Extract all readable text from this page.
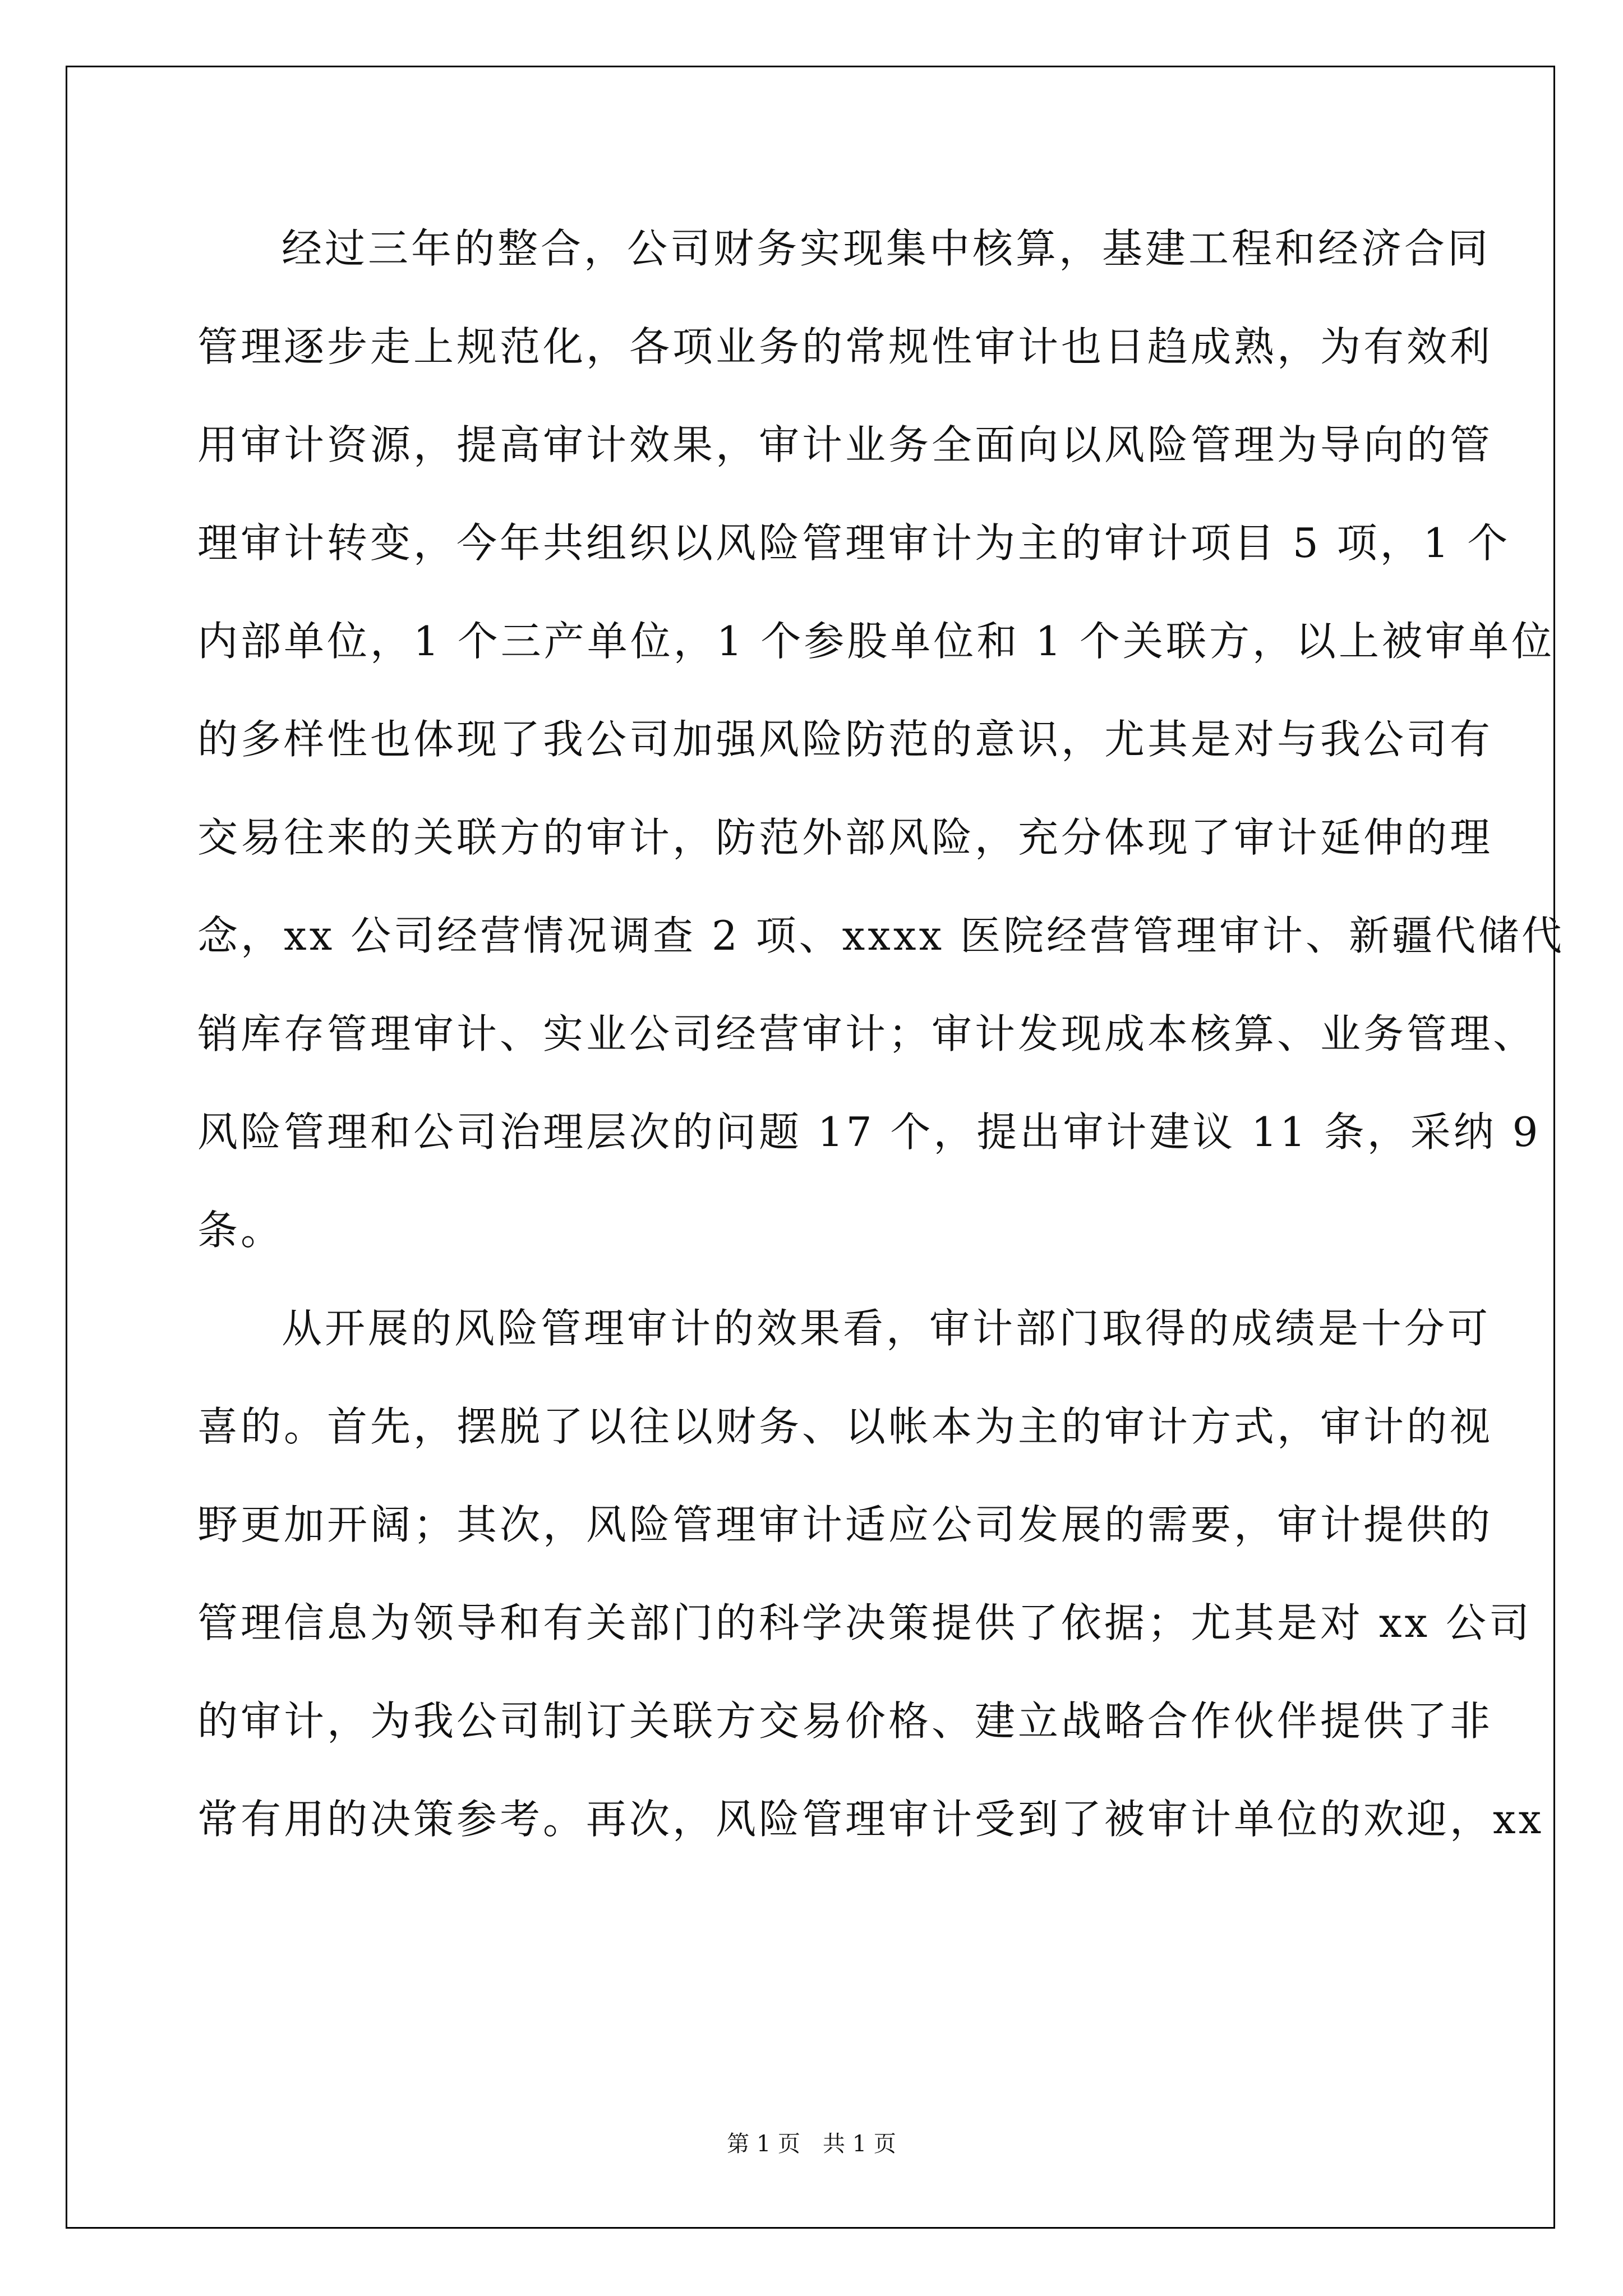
经过三年的整合，公司财务实现集中核算，基建工程和经济合同
管理逐步走上规范化，各项业务的常规性审计也日趋成熟，为有效利
用审计资源，提高审计效果，审计业务全面向以风险管理为导向的管
理审计转变，今年共组织以风险管理审计为主的审计项目 5 项，1 个
内部单位，1 个三产单位，1 个参股单位和 1 个关联方，以上被审单位
的多样性也体现了我公司加强风险防范的意识，尤其是对与我公司有
交易往来的关联方的审计，防范外部风险，充分体现了审计延伸的理
念，xx 公司经营情况调查 2 项、xxxx 医院经营管理审计、新疆代储代
销库存管理审计、实业公司经营审计；审计发现成本核算、业务管理、
风险管理和公司治理层次的问题 17 个，提出审计建议 11 条，采纳 9
条。
从开展的风险管理审计的效果看，审计部门取得的成绩是十分可
喜的。首先，摆脱了以往以财务、以帐本为主的审计方式，审计的视
野更加开阔；其次，风险管理审计适应公司发展的需要，审计提供的
管理信息为领导和有关部门的科学决策提供了依据；尤其是对 xx 公司
的审计，为我公司制订关联方交易价格、建立战略合作伙伴提供了非
常有用的决策参考。再次，风险管理审计受到了被审计单位的欢迎，xx
第 1 页　共 1 页
